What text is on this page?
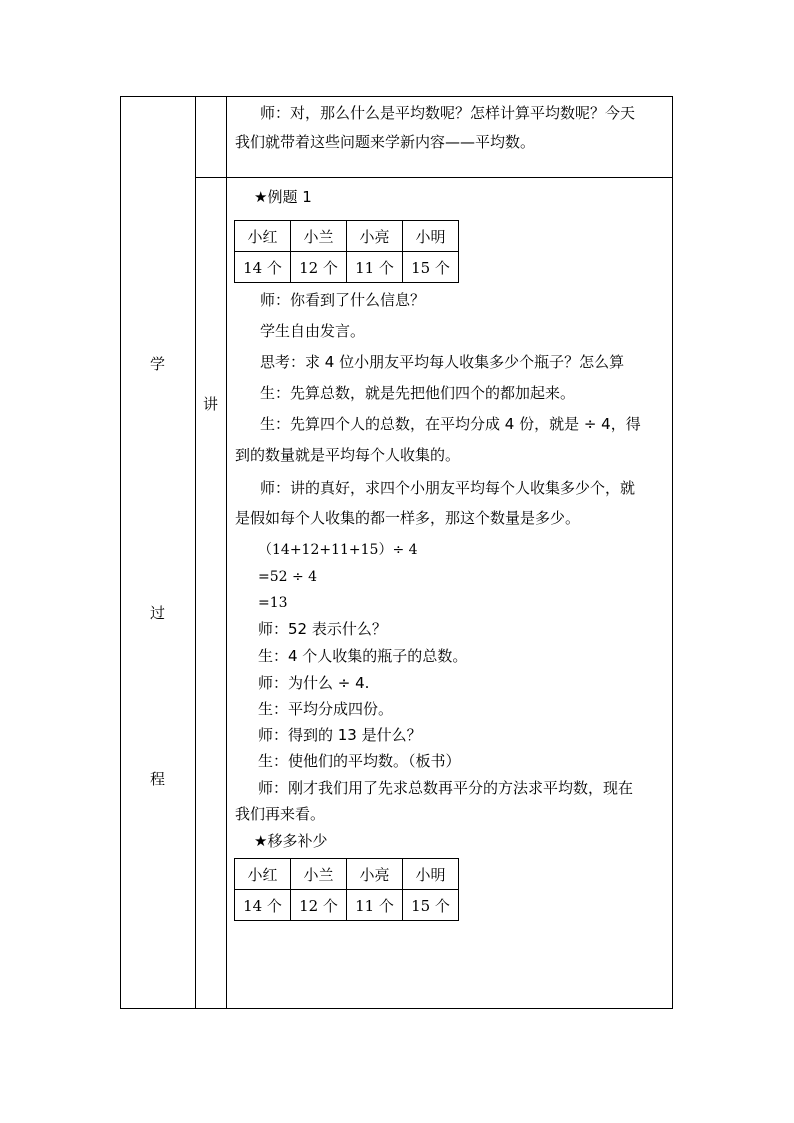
学
过
程
讲
师：对，那么什么是平均数呢？怎样计算平均数呢？今天
我们就带着这些问题来学新内容——平均数。
★例题 1
小红	小兰	小亮	小明
14 个	12 个	11 个	15 个
师：你看到了什么信息？
学生自由发言。
思考：求 4 位小朋友平均每人收集多少个瓶子？怎么算
生：先算总数，就是先把他们四个的都加起来。
生：先算四个人的总数，在平均分成 4 份，就是 ÷ 4，得
到的数量就是平均每个人收集的。
师：讲的真好，求四个小朋友平均每个人收集多少个，就
是假如每个人收集的都一样多，那这个数量是多少。
（14+12+11+15）÷ 4
=52 ÷ 4
=13
师：52 表示什么？
生：4 个人收集的瓶子的总数。
师：为什么 ÷ 4.
生：平均分成四份。
师：得到的 13 是什么？
生：使他们的平均数。（板书）
师：刚才我们用了先求总数再平分的方法求平均数，现在
我们再来看。
★移多补少
小红	小兰	小亮	小明
14 个	12 个	11 个	15 个
